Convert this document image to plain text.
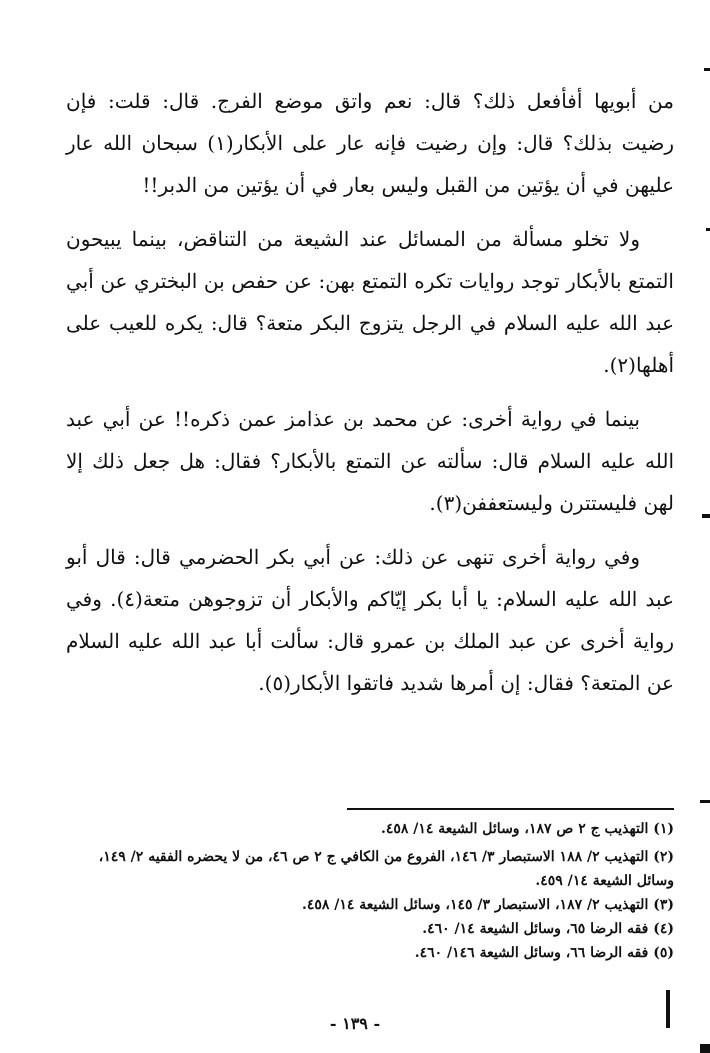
من أبويها أفأفعل ذلك؟ قال: نعم واتق موضع الفرج. قال: قلت: فإن رضيت بذلك؟ قال: وإن رضيت فإنه عار على الأبكار(١) سبحان الله عار عليهن في أن يؤتين من القبل وليس بعار في أن يؤتين من الدبر!!

ولا تخلو مسألة من المسائل عند الشيعة من التناقض، بينما يبيحون التمتع بالأبكار توجد روايات تكره التمتع بهن: عن حفص بن البختري عن أبي عبد الله عليه السلام في الرجل يتزوج البكر متعة؟ قال: يكره للعيب على أهلها(٢).

بينما في رواية أخرى: عن محمد بن عذامز عمن ذكره!! عن أبي عبد الله عليه السلام قال: سألته عن التمتع بالأبكار؟ فقال: هل جعل ذلك إلا لهن فليستترن وليستعففن(٣).

وفي رواية أخرى تنهى عن ذلك: عن أبي بكر الحضرمي قال: قال أبو عبد الله عليه السلام: يا أبا بكر إيّاكم والأبكار أن تزوجوهن متعة(٤). وفي رواية أخرى عن عبد الملك بن عمرو قال: سألت أبا عبد الله عليه السلام عن المتعة؟ فقال: إن أمرها شديد فاتقوا الأبكار(٥).

(١) التهذيب ج ٢ ص ١٨٧، وسائل الشيعة ١٤/ ٤٥٨.

(٢) التهذيب ٢/ ١٨٨ الاستبصار ٣/ ١٤٦، الفروع من الكافي ج ٢ ص ٤٦، من لا يحضره الفقيه ٢/ ١٤٩، وسائل الشيعة ١٤/ ٤٥٩.

(٣) التهذيب ٢/ ١٨٧، الاستبصار ٣/ ١٤٥، وسائل الشيعة ١٤/ ٤٥٨.

(٤) فقه الرضا ٦٥، وسائل الشيعة ١٤/ ٤٦٠.

(٥) فقه الرضا ٦٦، وسائل الشيعة ١٤٦/ ٤٦٠.

- ١٣٩ -
